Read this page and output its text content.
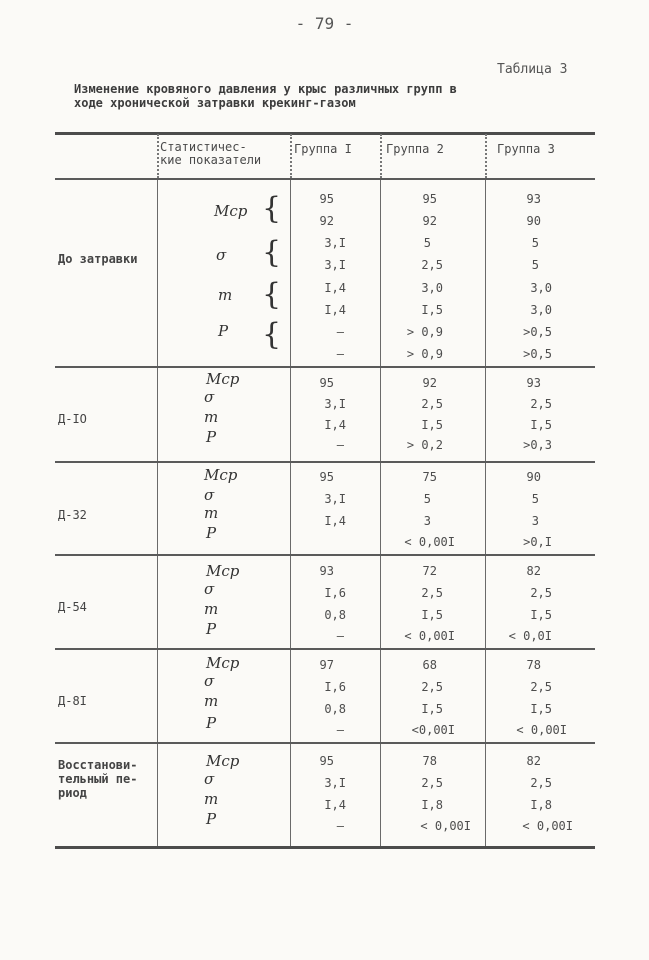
- 79 -
Таблица 3
Изменение кровяного давления у крыс различных групп в
ходе хронической затравки крекинг-газом
Статистичес-
кие показатели
Группа I	Группа 2	Группа 3
До затравки
Мср {
σ {
m {
P {
95
92
3,I
3,I
I,4
I,4
–
—
95
92
5
2,5
3,0
I,5
> 0,9
> 0,9
93
90
5
5
3,0
3,0
>0,5
>0,5
Д-IO
Мср
σ
m
P
95
3,I
I,4
–
92
2,5
I,5
> 0,2
93
2,5
I,5
>0,3
Д-32
Мср
σ
m
P
95
3,I
I,4
75
5
3
< 0,00I
90
5
3
>0,I
Д-54
Мср
σ
m
P
93
I,6
0,8
—
72
2,5
I,5
< 0,00I
82
2,5
I,5
< 0,0I
Д-8I
Мср
σ
m
P
97
I,6
0,8
–
68
2,5
I,5
<0,00I
78
2,5
I,5
< 0,00I
Восстанови-
тельный пе-
риод
Мср
σ
m
P
95
3,I
I,4
—
78
2,5
I,8
< 0,00I
82
2,5
I,8
< 0,00I
